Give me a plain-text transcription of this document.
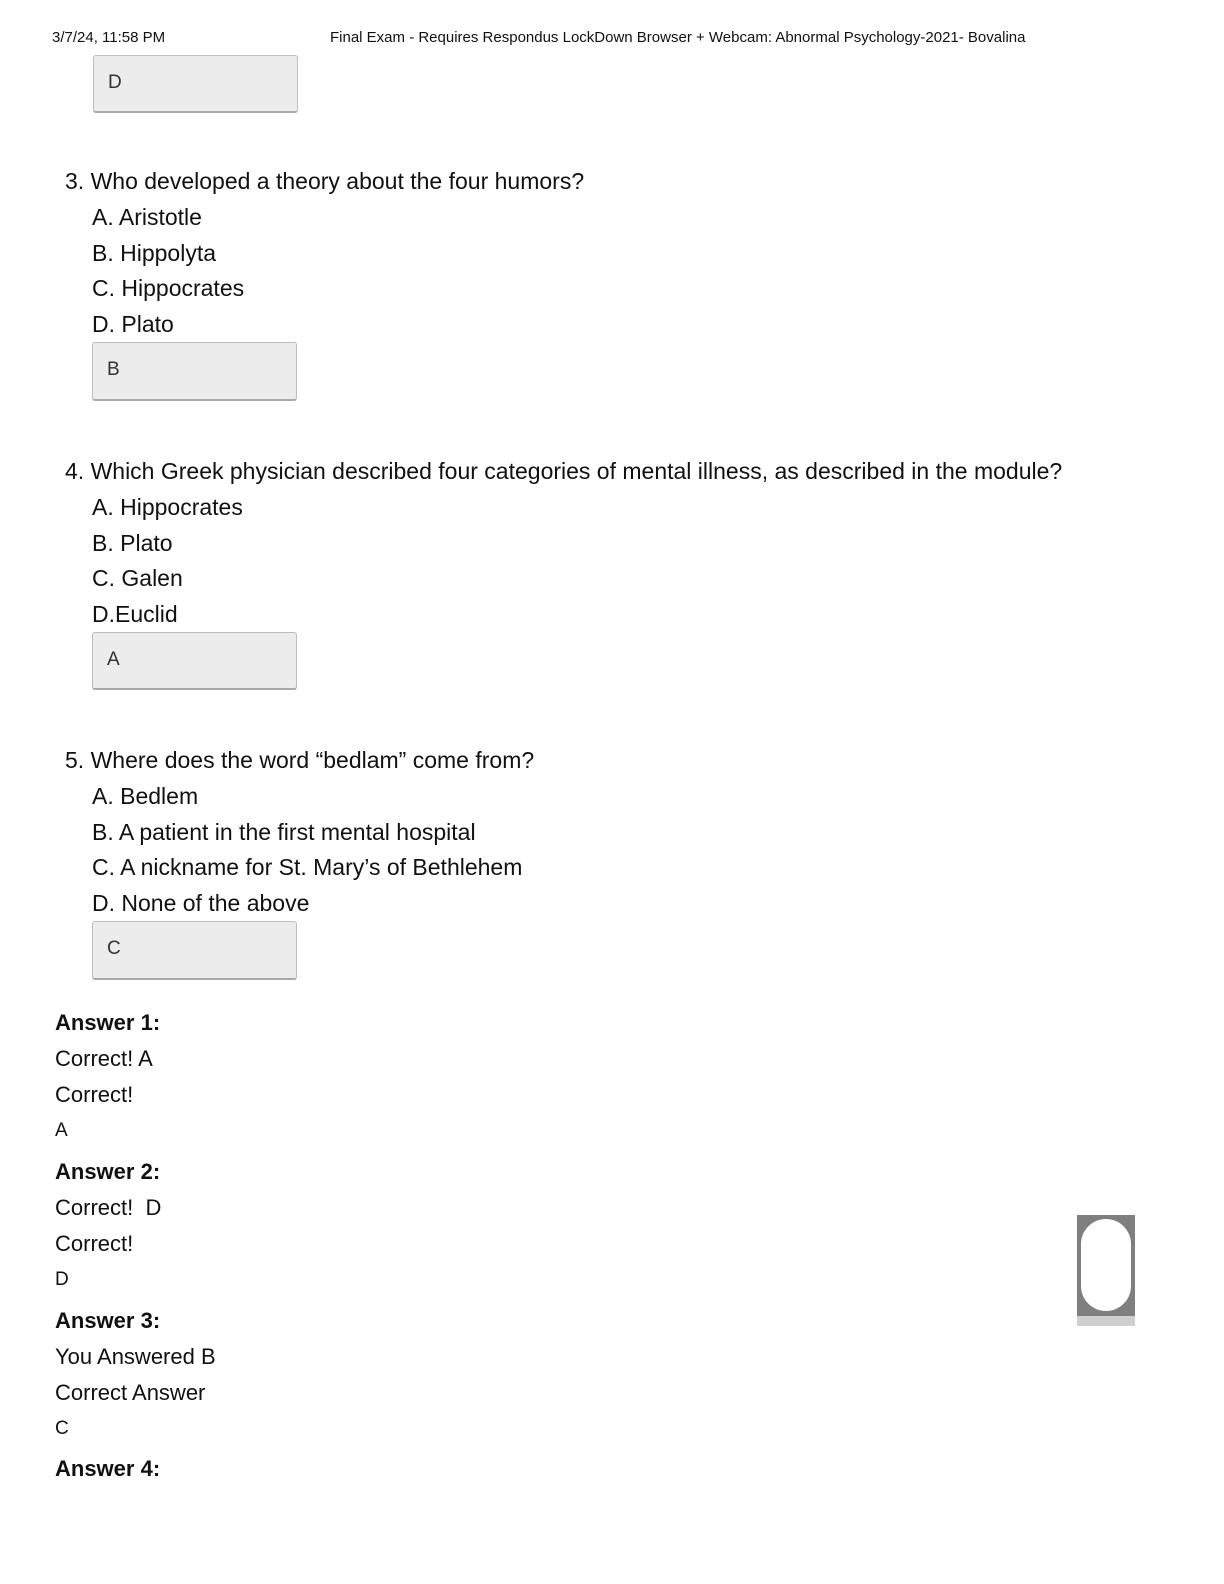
3/7/24, 11:58 PM	Final Exam - Requires Respondus LockDown Browser + Webcam: Abnormal Psychology-2021- Bovalina
D
3. Who developed a theory about the four humors?
A. Aristotle
B. Hippolyta
C. Hippocrates
D. Plato
B
4. Which Greek physician described four categories of mental illness, as described in the module?
A. Hippocrates
B. Plato
C. Galen
D.Euclid
A
5. Where does the word “bedlam” come from?
A. Bedlem
B. A patient in the first mental hospital
C. A nickname for St. Mary’s of Bethlehem
D. None of the above
C
Answer 1:
Correct! A
Correct!
A
Answer 2:
Correct!  D
Correct!
D
Answer 3:
You Answered B
Correct Answer
C
Answer 4:
